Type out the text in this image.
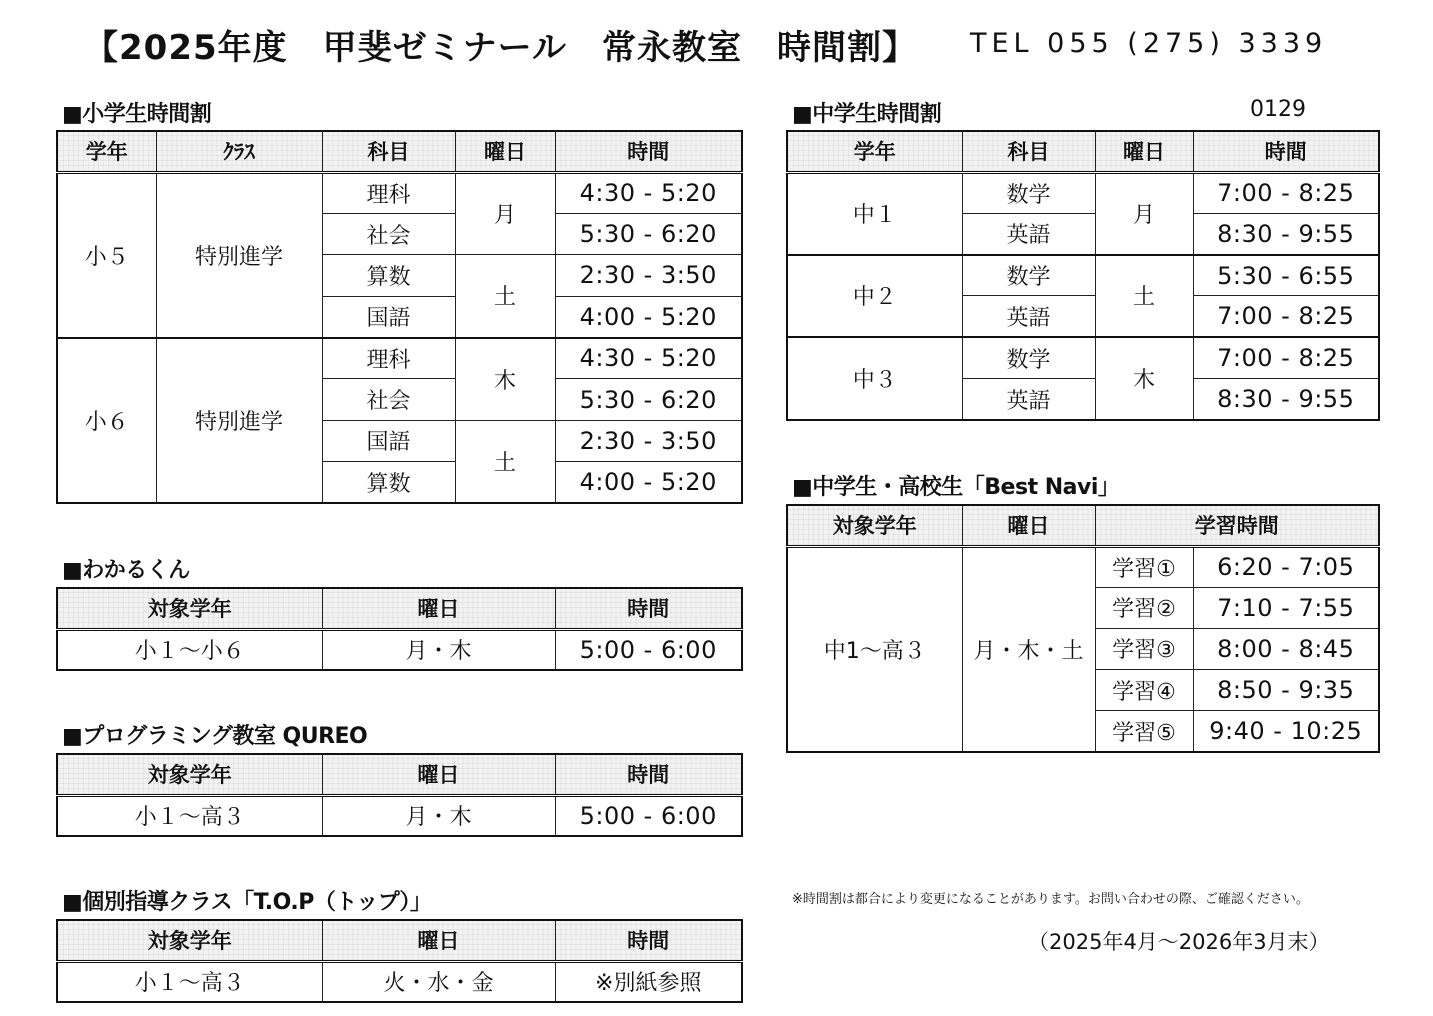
【2025年度　甲斐ゼミナール　常永教室　時間割】 TEL 055 (275) 3339
■小学生時間割
学年	ｸﾗｽ	科目	曜日	時間
小５	特別進学	理科	月	4:30 - 5:20
		社会		5:30 - 6:20
		算数	土	2:30 - 3:50
		国語		4:00 - 5:20
小６	特別進学	理科	木	4:30 - 5:20
		社会		5:30 - 6:20
		国語	土	2:30 - 3:50
		算数		4:00 - 5:20
■わかるくん
対象学年	曜日	時間
小１～小６	月・木	5:00 - 6:00
■プログラミング教室 QUREO
対象学年	曜日	時間
小１～高３	月・木	5:00 - 6:00
■個別指導クラス「T.O.P（トップ）」
対象学年	曜日	時間
小１～高３	火・水・金	※別紙参照
■中学生時間割	0129
学年	科目	曜日	時間
中１	数学	月	7:00 - 8:25
	英語		8:30 - 9:55
中２	数学	土	5:30 - 6:55
	英語		7:00 - 8:25
中３	数学	木	7:00 - 8:25
	英語		8:30 - 9:55
■中学生・高校生「Best Navi」
対象学年	曜日	学習時間	
中1～高３	月・木・土	学習①	6:20 - 7:05
		学習②	7:10 - 7:55
		学習③	8:00 - 8:45
		学習④	8:50 - 9:35
		学習⑤	9:40 - 10:25
※時間割は都合により変更になることがあります。お問い合わせの際、ご確認ください。
（2025年4月～2026年3月末）
